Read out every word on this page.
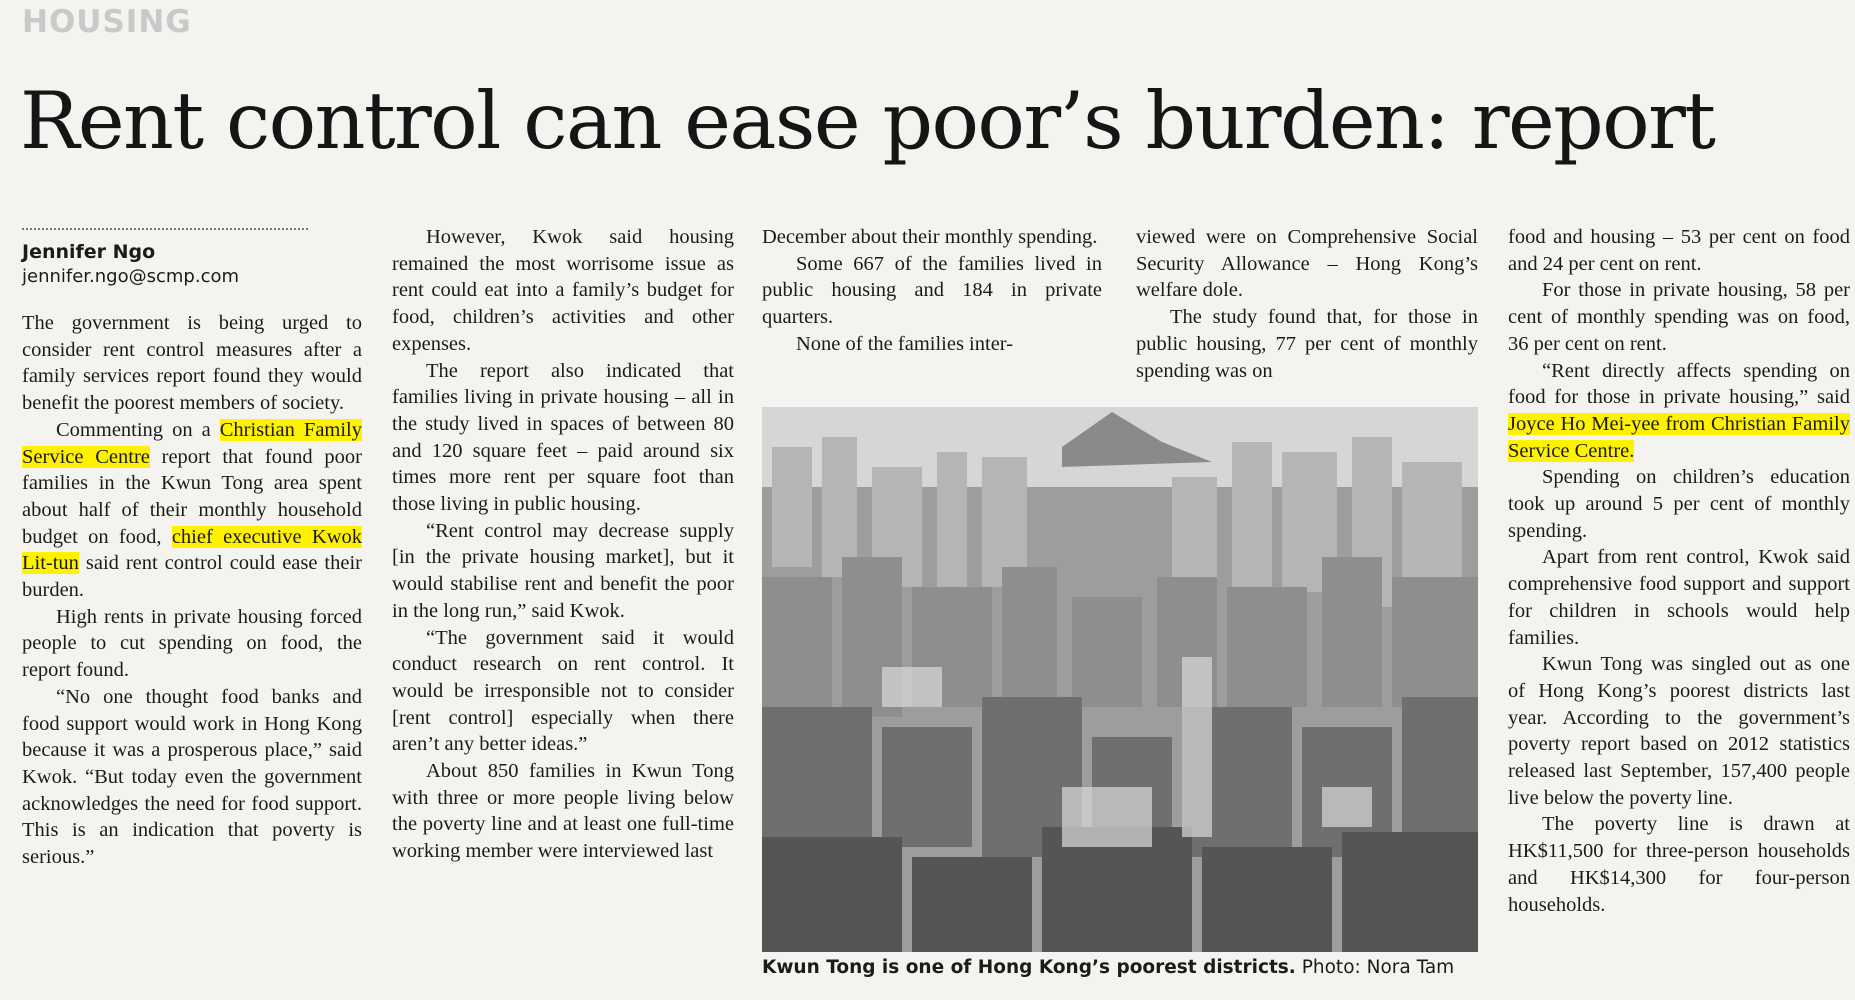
HOUSING
Rent control can ease poor’s burden: report
Jennifer Ngo
jennifer.ngo@scmp.com

The government is being urged to consider rent control measures after a family services report found they would benefit the poorest members of society.

Commenting on a Christian Family Service Centre report that found poor families in the Kwun Tong area spent about half of their monthly household budget on food, chief executive Kwok Lit-tun said rent control could ease their burden.

High rents in private housing forced people to cut spending on food, the report found.

“No one thought food banks and food support would work in Hong Kong because it was a prosperous place,” said Kwok. “But today even the government acknowledges the need for food support. This is an indication that poverty is serious.”

However, Kwok said housing remained the most worrisome issue as rent could eat into a family’s budget for food, children’s activities and other expenses.

The report also indicated that families living in private housing – all in the study lived in spaces of between 80 and 120 square feet – paid around six times more rent per square foot than those living in public housing.

“Rent control may decrease supply [in the private housing market], but it would stabilise rent and benefit the poor in the long run,” said Kwok.

“The government said it would conduct research on rent control. It would be irresponsible not to consider [rent control] especially when there aren’t any better ideas.”

About 850 families in Kwun Tong with three or more people living below the poverty line and at least one full-time working member were interviewed last

December about their monthly spending.

Some 667 of the families lived in public housing and 184 in private quarters.

None of the families inter-

viewed were on Comprehensive Social Security Allowance – Hong Kong’s welfare dole.

The study found that, for those in public housing, 77 per cent of monthly spending was on

food and housing – 53 per cent on food and 24 per cent on rent.

For those in private housing, 58 per cent of monthly spending was on food, 36 per cent on rent.

“Rent directly affects spending on food for those in private housing,” said Joyce Ho Mei-yee from Christian Family Service Centre.

Spending on children’s education took up around 5 per cent of monthly spending.

Apart from rent control, Kwok said comprehensive food support and support for children in schools would help families.

Kwun Tong was singled out as one of Hong Kong’s poorest districts last year. According to the government’s poverty report based on 2012 statistics released last September, 157,400 people live below the poverty line.

The poverty line is drawn at HK$11,500 for three-person households and HK$14,300 for four-person households.

Kwun Tong is one of Hong Kong’s poorest districts. Photo: Nora Tam
